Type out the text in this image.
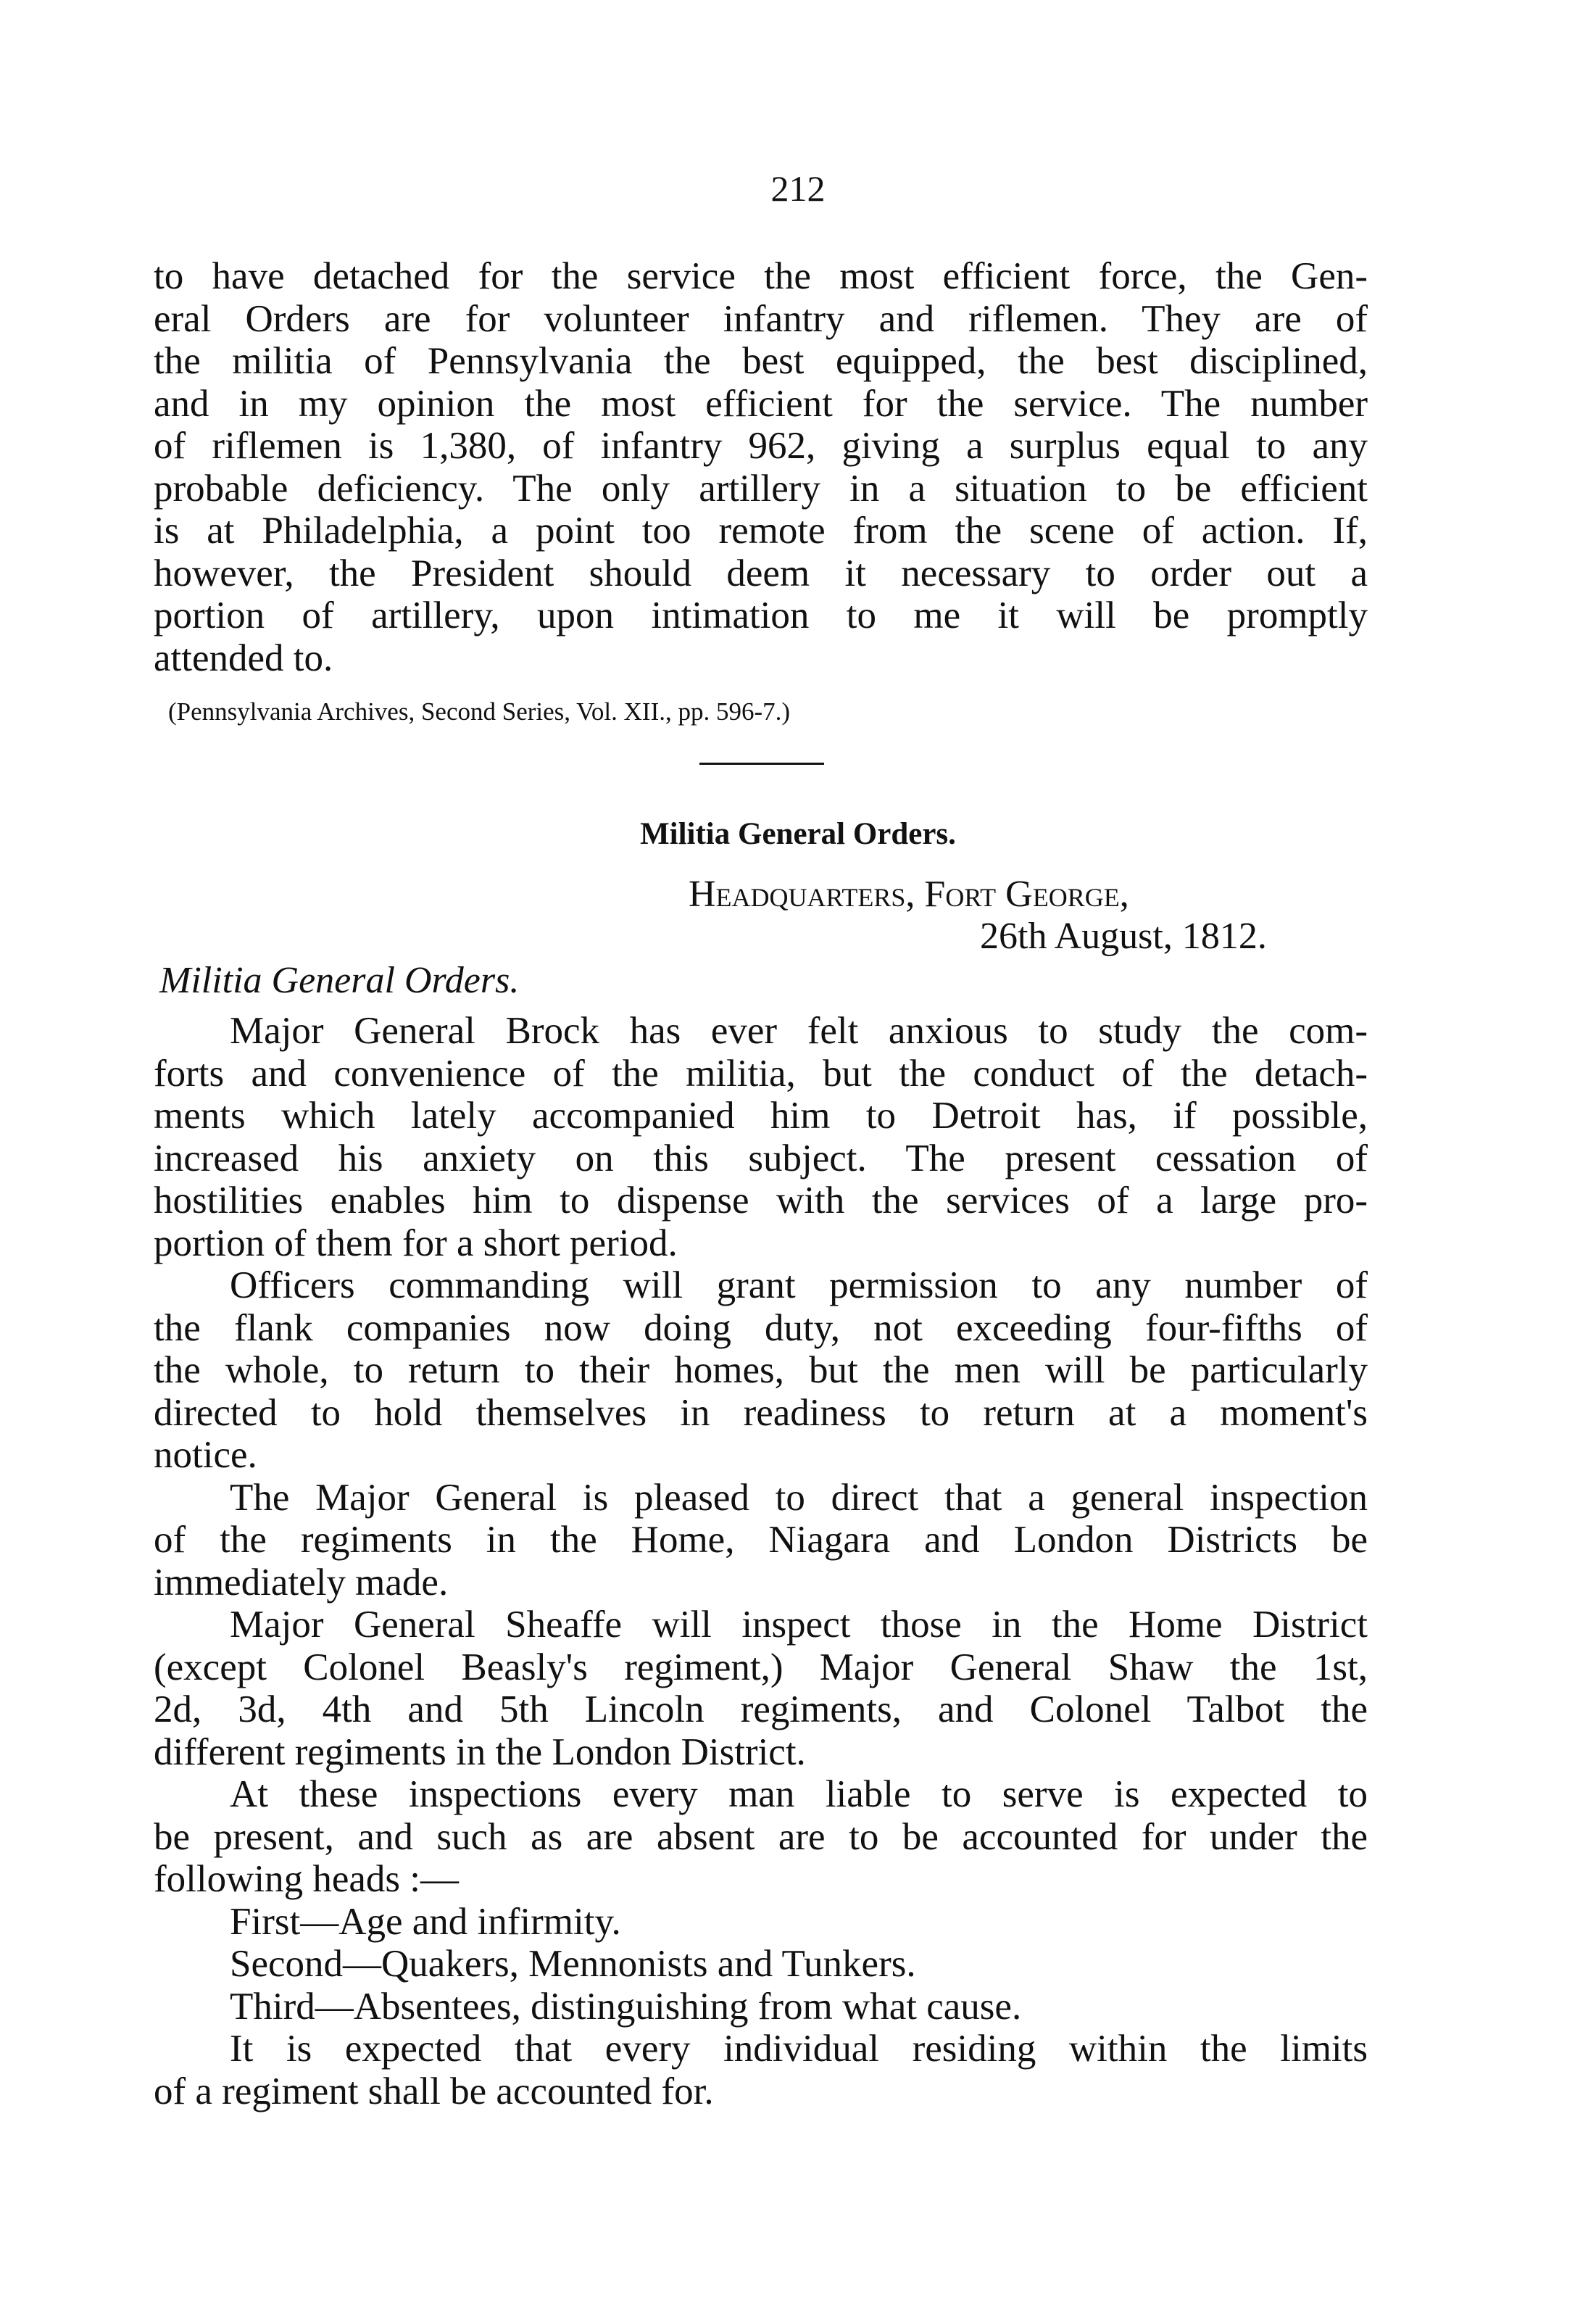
212
to have detached for the service the most efficient force, the Gen-
eral Orders are for volunteer infantry and riflemen. They are of
the militia of Pennsylvania the best equipped, the best disciplined,
and in my opinion the most efficient for the service. The number
of riflemen is 1,380, of infantry 962, giving a surplus equal to any
probable deficiency. The only artillery in a situation to be efficient
is at Philadelphia, a point too remote from the scene of action. If,
however, the President should deem it necessary to order out a
portion of artillery, upon intimation to me it will be promptly
attended to.
(Pennsylvania Archives, Second Series, Vol. XII., pp. 596-7.)
Militia General Orders.
Headquarters, Fort George,
26th August, 1812.
Militia General Orders.
Major General Brock has ever felt anxious to study the com-
forts and convenience of the militia, but the conduct of the detach-
ments which lately accompanied him to Detroit has, if possible,
increased his anxiety on this subject. The present cessation of
hostilities enables him to dispense with the services of a large pro-
portion of them for a short period.
Officers commanding will grant permission to any number of
the flank companies now doing duty, not exceeding four-fifths of
the whole, to return to their homes, but the men will be particularly
directed to hold themselves in readiness to return at a moment's
notice.
The Major General is pleased to direct that a general inspection
of the regiments in the Home, Niagara and London Districts be
immediately made.
Major General Sheaffe will inspect those in the Home District
(except Colonel Beasly's regiment,) Major General Shaw the 1st,
2d, 3d, 4th and 5th Lincoln regiments, and Colonel Talbot the
different regiments in the London District.
At these inspections every man liable to serve is expected to
be present, and such as are absent are to be accounted for under the
following heads :—
First—Age and infirmity.
Second—Quakers, Mennonists and Tunkers.
Third—Absentees, distinguishing from what cause.
It is expected that every individual residing within the limits
of a regiment shall be accounted for.
